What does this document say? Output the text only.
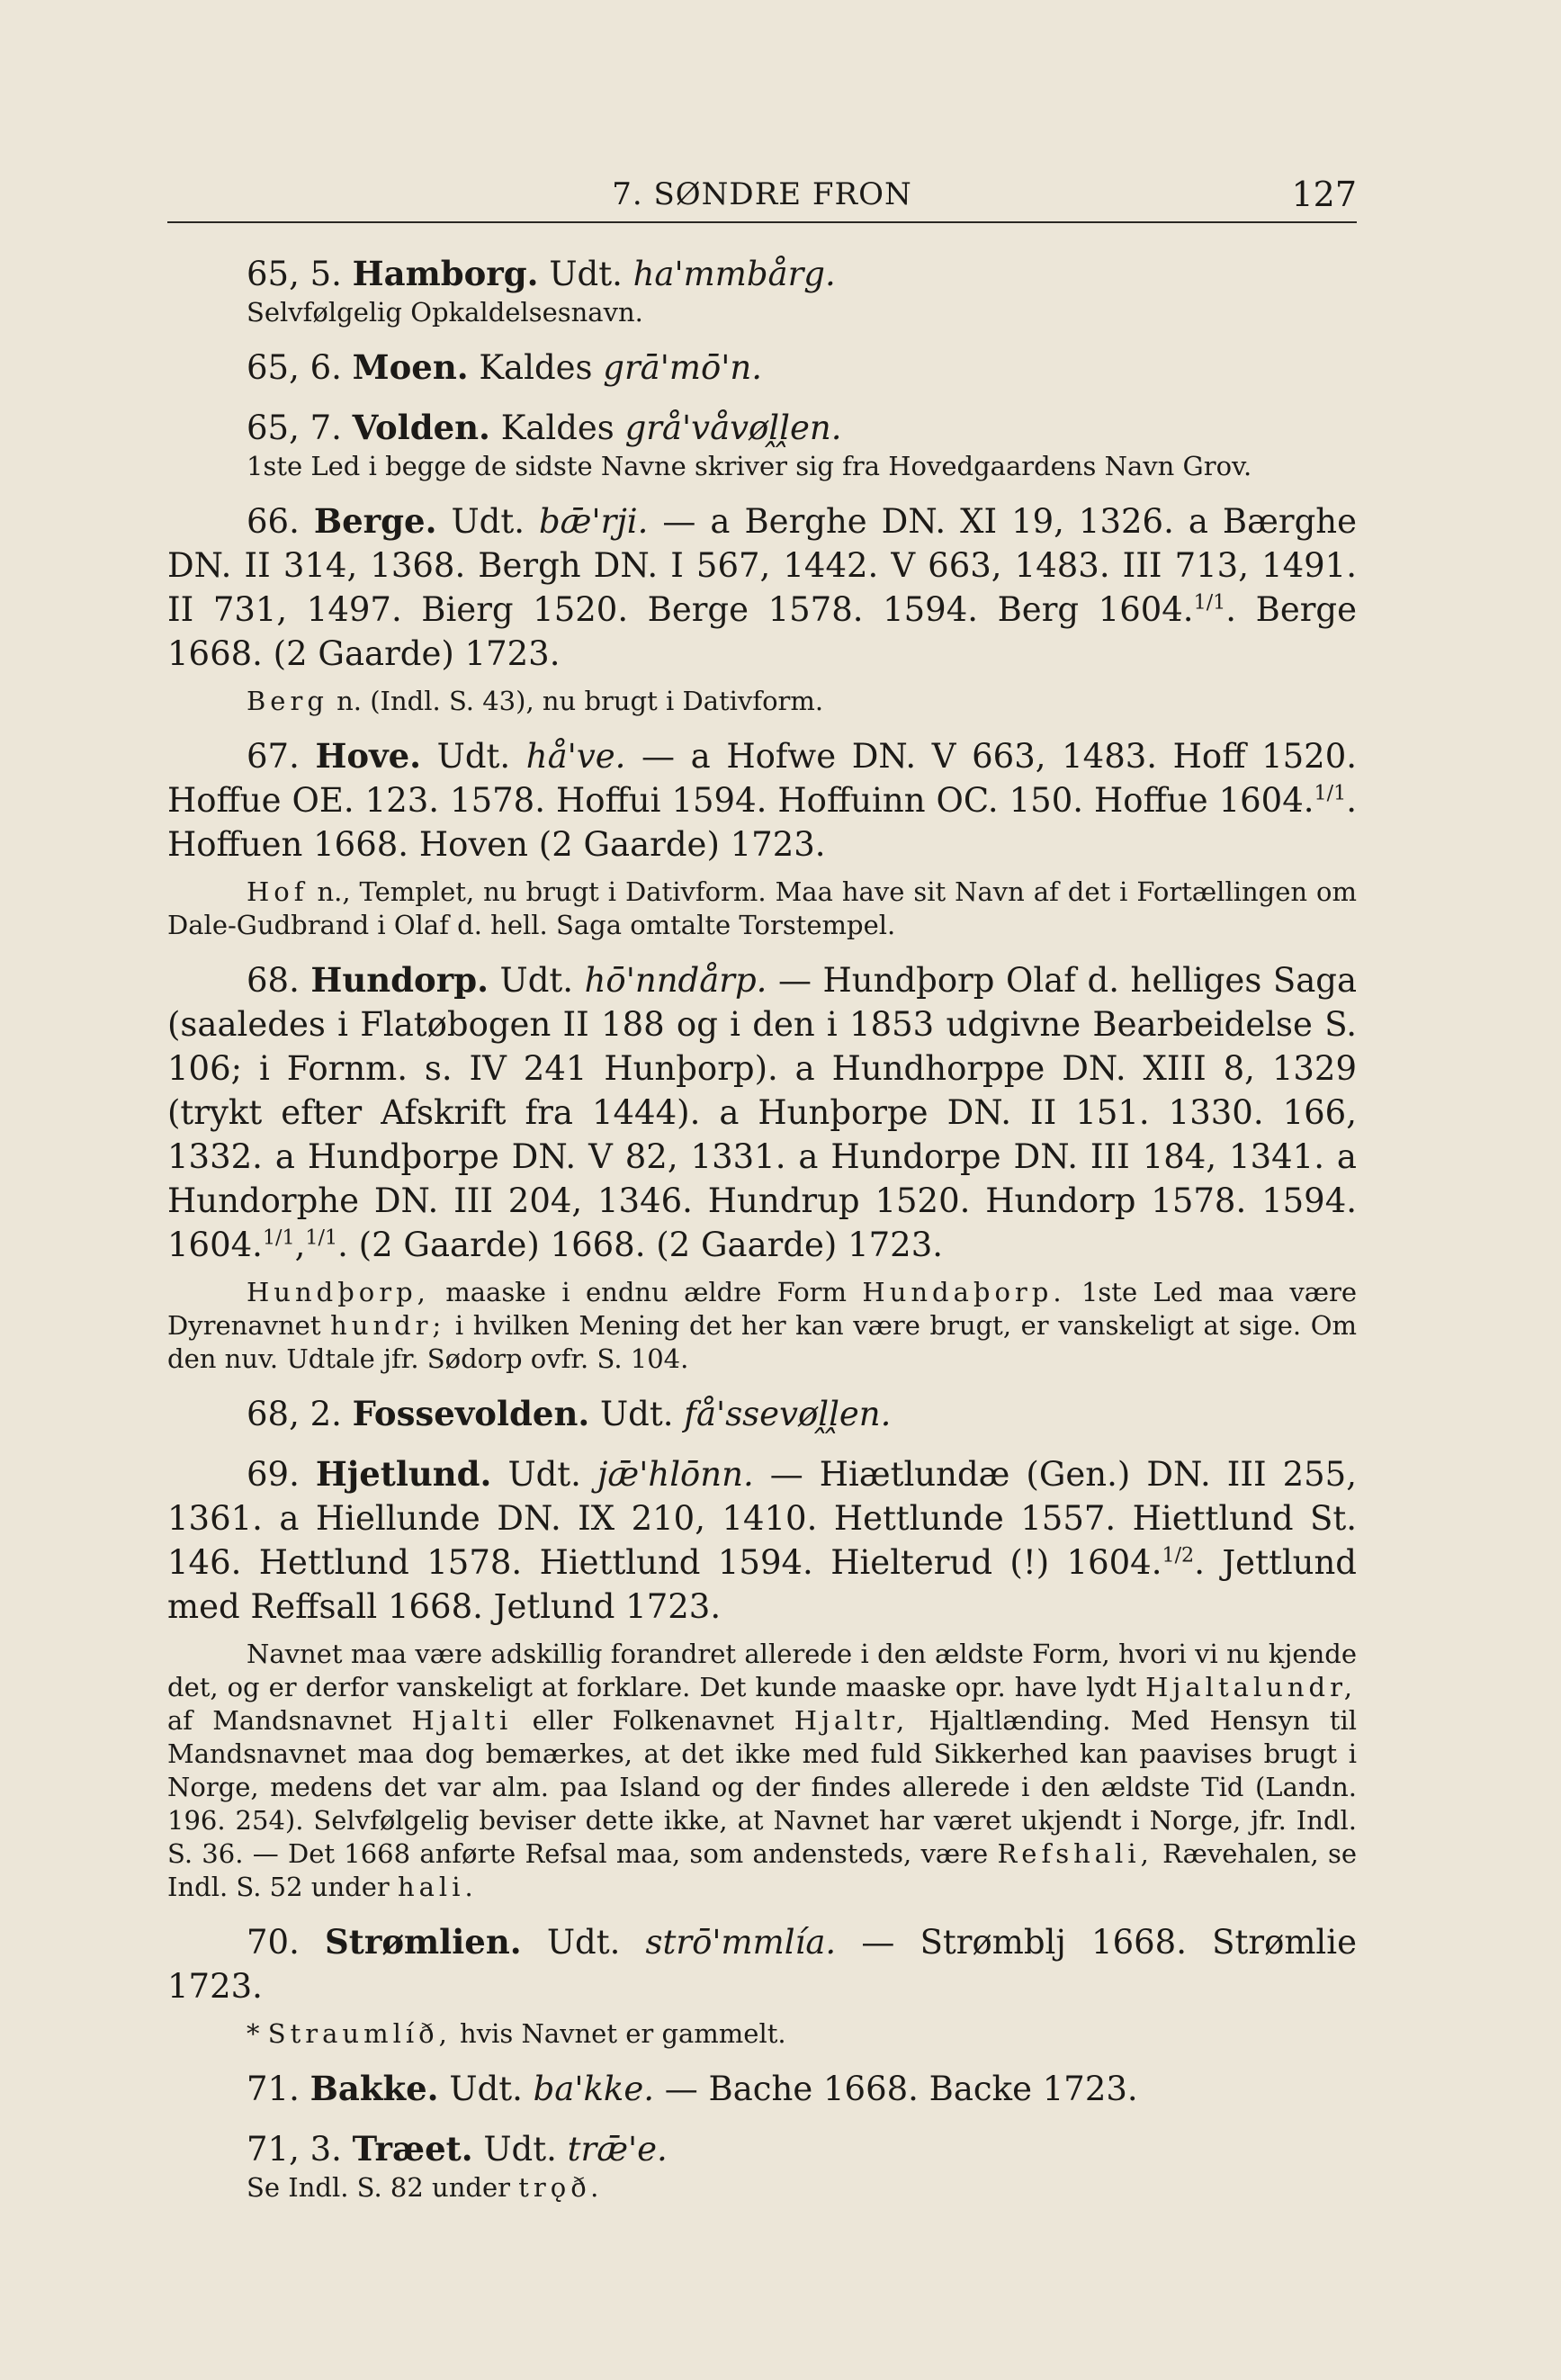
7. SØNDRE FRON	127

65, 5. Hamborg. Udt. ha'mmbårg.

Selvfølgelig Opkaldelsesnavn.

65, 6. Moen. Kaldes grā'mō'n.

65, 7. Volden. Kaldes grå'våvøḽḽen.

1ste Led i begge de sidste Navne skriver sig fra Hovedgaardens Navn Grov.

66. Berge. Udt. bǣ'rji. — a Berghe DN. XI 19, 1326. a Bærghe DN. II 314, 1368. Bergh DN. I 567, 1442. V 663, 1483. III 713, 1491. II 731, 1497. Bierg 1520. Berge 1578. 1594. Berg 1604.$^{1/1}$. Berge 1668. (2 Gaarde) 1723.

Berg n. (Indl. S. 43), nu brugt i Dativform.

67. Hove. Udt. hå've. — a Hofwe DN. V 663, 1483. Hoff 1520. Hoffue OE. 123. 1578. Hoffui 1594. Hoffuinn OC. 150. Hoffue 1604.$^{1/1}$. Hoffuen 1668. Hoven (2 Gaarde) 1723.

Hof n., Templet, nu brugt i Dativform. Maa have sit Navn af det i Fortællingen om Dale-Gudbrand i Olaf d. hell. Saga omtalte Torstempel.

68. Hundorp. Udt. hō'nndårp. — Hundþorp Olaf d. helliges Saga (saaledes i Flatøbogen II 188 og i den i 1853 udgivne Bearbeidelse S. 106; i Fornm. s. IV 241 Hunþorp). a Hundhorppe DN. XIII 8, 1329 (trykt efter Afskrift fra 1444). a Hunþorpe DN. II 151. 1330. 166, 1332. a Hundþorpe DN. V 82, 1331. a Hundorpe DN. III 184, 1341. a Hundorphe DN. III 204, 1346. Hundrup 1520. Hundorp 1578. 1594. 1604.$^{1/1}$,$^{1/1}$. (2 Gaarde) 1668. (2 Gaarde) 1723.

Hundþorp, maaske i endnu ældre Form Hundaþorp. 1ste Led maa være Dyrenavnet hundr; i hvilken Mening det her kan være brugt, er vanskeligt at sige. Om den nuv. Udtale jfr. Sødorp ovfr. S. 104.

68, 2. Fossevolden. Udt. få'ssevøḽḽen.

69. Hjetlund. Udt. jǣ'hlōnn. — Hiætlundæ (Gen.) DN. III 255, 1361. a Hiellunde DN. IX 210, 1410. Hettlunde 1557. Hiettlund St. 146. Hettlund 1578. Hiettlund 1594. Hielterud (!) 1604.$^{1/2}$. Jettlund med Reffsall 1668. Jetlund 1723.

Navnet maa være adskillig forandret allerede i den ældste Form, hvori vi nu kjende det, og er derfor vanskeligt at forklare. Det kunde maaske opr. have lydt Hjaltalundr, af Mandsnavnet Hjalti eller Folkenavnet Hjaltr, Hjaltlænding. Med Hensyn til Mandsnavnet maa dog bemærkes, at det ikke med fuld Sikkerhed kan paavises brugt i Norge, medens det var alm. paa Island og der findes allerede i den ældste Tid (Landn. 196. 254). Selvfølgelig beviser dette ikke, at Navnet har været ukjendt i Norge, jfr. Indl. S. 36. — Det 1668 anførte Refsal maa, som andensteds, være Refshali, Rævehalen, se Indl. S. 52 under hali.

70. Strømlien. Udt. strō'mmlía. — Strømblj 1668. Strømlie 1723.

* Straumlíð, hvis Navnet er gammelt.

71. Bakke. Udt. ba'kke. — Bache 1668. Backe 1723.

71, 3. Træet. Udt. trǣ'e.

Se Indl. S. 82 under trǫð.
